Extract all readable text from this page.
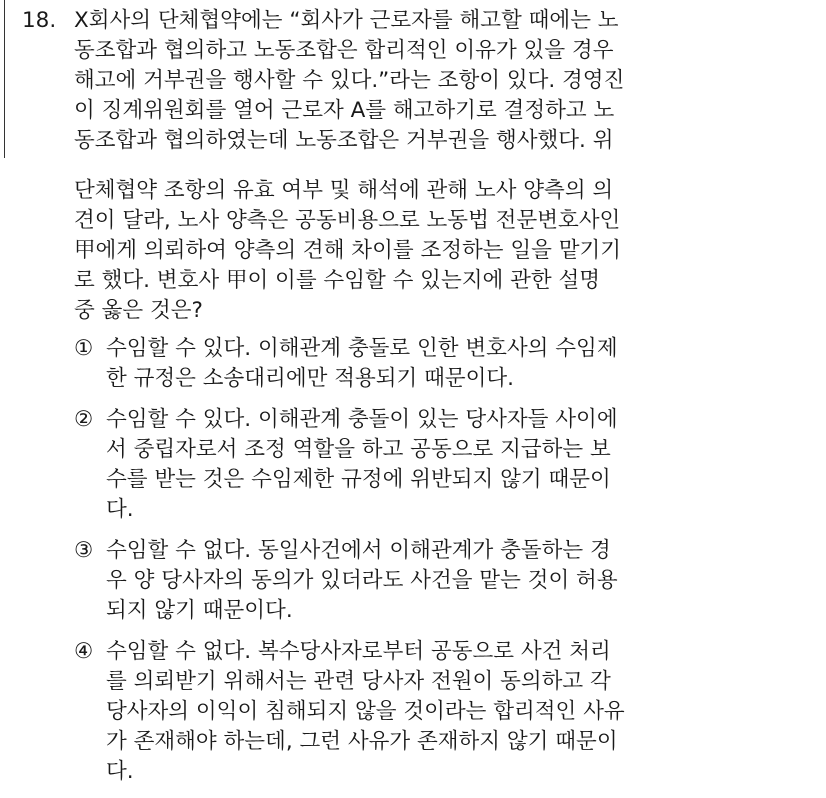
18. X회사의 단체협약에는 “회사가 근로자를 해고할 때에는 노
동조합과 협의하고 노동조합은 합리적인 이유가 있을 경우
해고에 거부권을 행사할 수 있다.”라는 조항이 있다. 경영진
이 징계위원회를 열어 근로자 A를 해고하기로 결정하고 노
동조합과 협의하였는데 노동조합은 거부권을 행사했다. 위
단체협약 조항의 유효 여부 및 해석에 관해 노사 양측의 의
견이 달라, 노사 양측은 공동비용으로 노동법 전문변호사인
甲에게 의뢰하여 양측의 견해 차이를 조정하는 일을 맡기기
로 했다. 변호사 甲이 이를 수임할 수 있는지에 관한 설명
중 옳은 것은?
① 수임할 수 있다. 이해관계 충돌로 인한 변호사의 수임제
한 규정은 소송대리에만 적용되기 때문이다.
② 수임할 수 있다. 이해관계 충돌이 있는 당사자들 사이에
서 중립자로서 조정 역할을 하고 공동으로 지급하는 보
수를 받는 것은 수임제한 규정에 위반되지 않기 때문이
다.
③ 수임할 수 없다. 동일사건에서 이해관계가 충돌하는 경
우 양 당사자의 동의가 있더라도 사건을 맡는 것이 허용
되지 않기 때문이다.
④ 수임할 수 없다. 복수당사자로부터 공동으로 사건 처리
를 의뢰받기 위해서는 관련 당사자 전원이 동의하고 각
당사자의 이익이 침해되지 않을 것이라는 합리적인 사유
가 존재해야 하는데, 그런 사유가 존재하지 않기 때문이
다.
